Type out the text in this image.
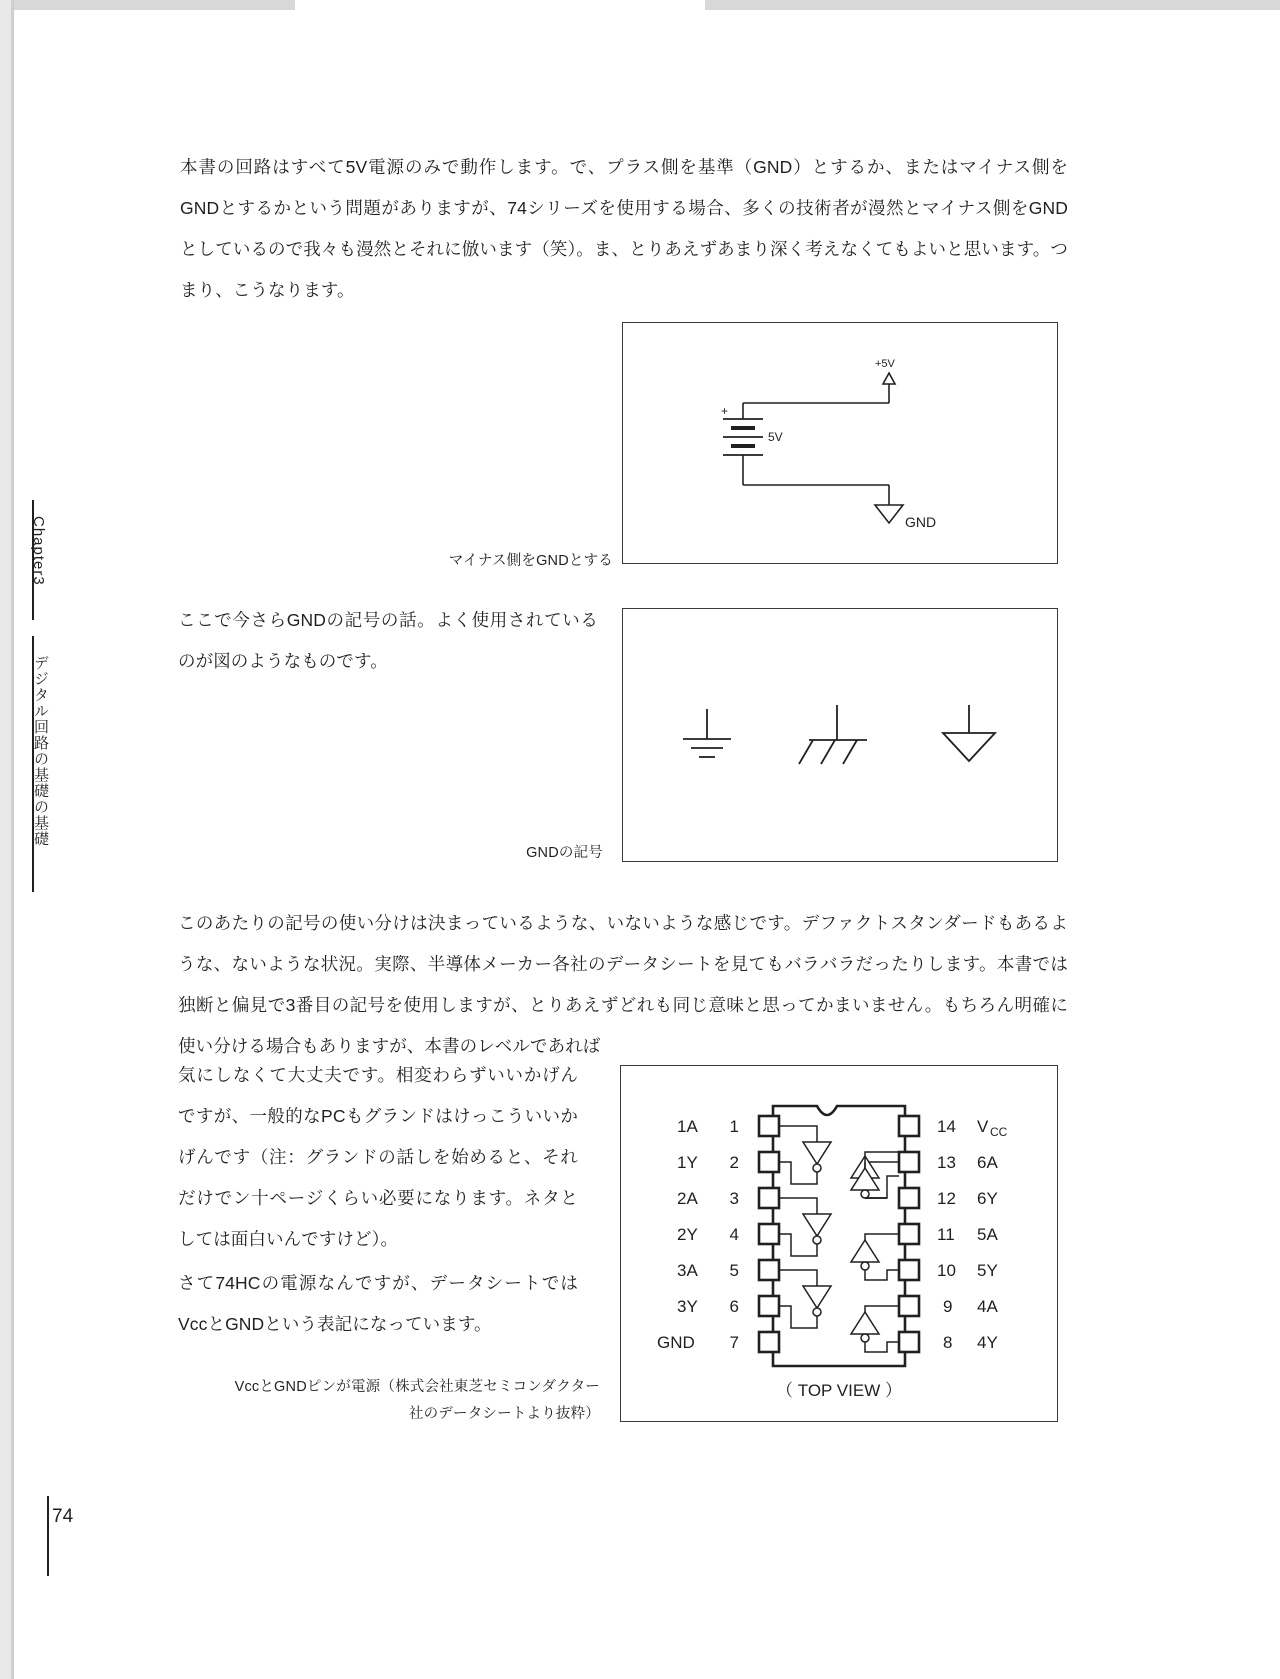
Chapter3
デジタル回路の基礎の基礎
74
本書の回路はすべて5V電源のみで動作します。で、プラス側を基準（GND）とするか、またはマイナス側をGNDとするかという問題がありますが、74シリーズを使用する場合、多くの技術者が漫然とマイナス側をGNDとしているので我々も漫然とそれに倣います（笑）。ま、とりあえずあまり深く考えなくてもよいと思います。つまり、こうなります。
ここで今さらGNDの記号の話。よく使用されているのが図のようなものです。
このあたりの記号の使い分けは決まっているような、いないような感じです。デファクトスタンダードもあるような、ないような状況。実際、半導体メーカー各社のデータシートを見てもバラバラだったりします。本書では独断と偏見で3番目の記号を使用しますが、とりあえずどれも同じ意味と思ってかまいません。もちろん明確に使い分ける場合もありますが、本書のレベルであれば
気にしなくて大丈夫です。相変わらずいいかげんですが、一般的なPCもグランドはけっこういいかげんです（注：グランドの話しを始めると、それだけでン十ページくらい必要になります。ネタとしては面白いんですけど）。
さて74HCの電源なんですが、データシートではVccとGNDという表記になっています。
+5V
+
5V
GND
マイナス側をGNDとする
GNDの記号
1A 1
1Y 2
2A 3
2Y 4
3A 5
3Y 6
GND 7
14 V CC
13 6A
12 6Y
11 5A
10 5Y
9 4A
8 4Y
（ TOP VIEW ）
VccとGNDピンが電源（株式会社東芝セミコンダクター社のデータシートより抜粋）
